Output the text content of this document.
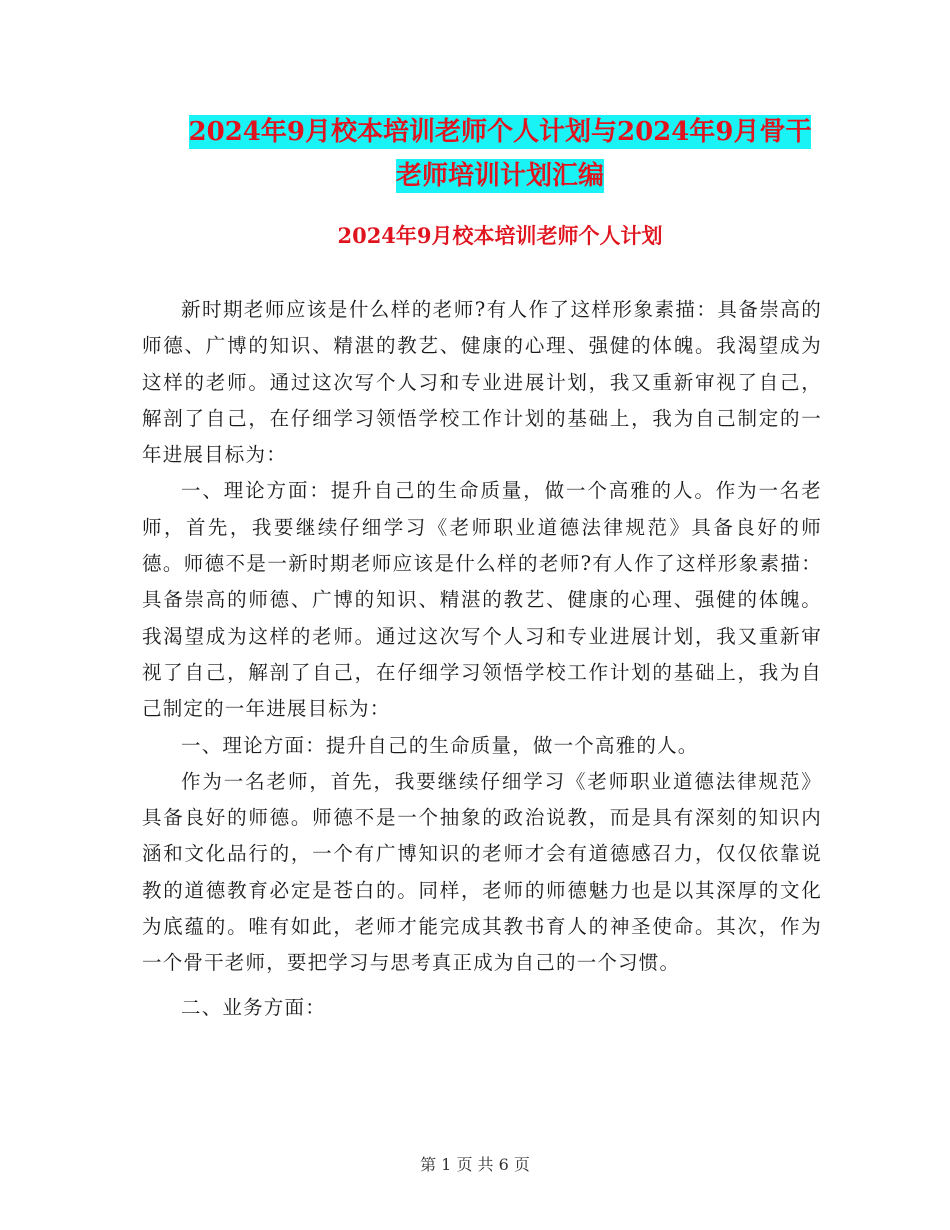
2024年9月校本培训老师个人计划与2024年9月骨干
老师培训计划汇编
2024年9月校本培训老师个人计划

新时期老师应该是什么样的老师?有人作了这样形象素描：具备崇高的师德、广博的知识、精湛的教艺、健康的心理、强健的体魄。我渴望成为这样的老师。通过这次写个人习和专业进展计划，我又重新审视了自己，解剖了自己，在仔细学习领悟学校工作计划的基础上，我为自己制定的一年进展目标为：

一、理论方面：提升自己的生命质量，做一个高雅的人。作为一名老师，首先，我要继续仔细学习《老师职业道德法律规范》具备良好的师德。师德不是一新时期老师应该是什么样的老师?有人作了这样形象素描：具备崇高的师德、广博的知识、精湛的教艺、健康的心理、强健的体魄。我渴望成为这样的老师。通过这次写个人习和专业进展计划，我又重新审视了自己，解剖了自己，在仔细学习领悟学校工作计划的基础上，我为自己制定的一年进展目标为：

一、理论方面：提升自己的生命质量，做一个高雅的人。

作为一名老师，首先，我要继续仔细学习《老师职业道德法律规范》具备良好的师德。师德不是一个抽象的政治说教，而是具有深刻的知识内涵和文化品行的，一个有广博知识的老师才会有道德感召力，仅仅依靠说教的道德教育必定是苍白的。同样，老师的师德魅力也是以其深厚的文化为底蕴的。唯有如此，老师才能完成其教书育人的神圣使命。其次，作为一个骨干老师，要把学习与思考真正成为自己的一个习惯。

二、业务方面：

第 1 页 共 6 页
